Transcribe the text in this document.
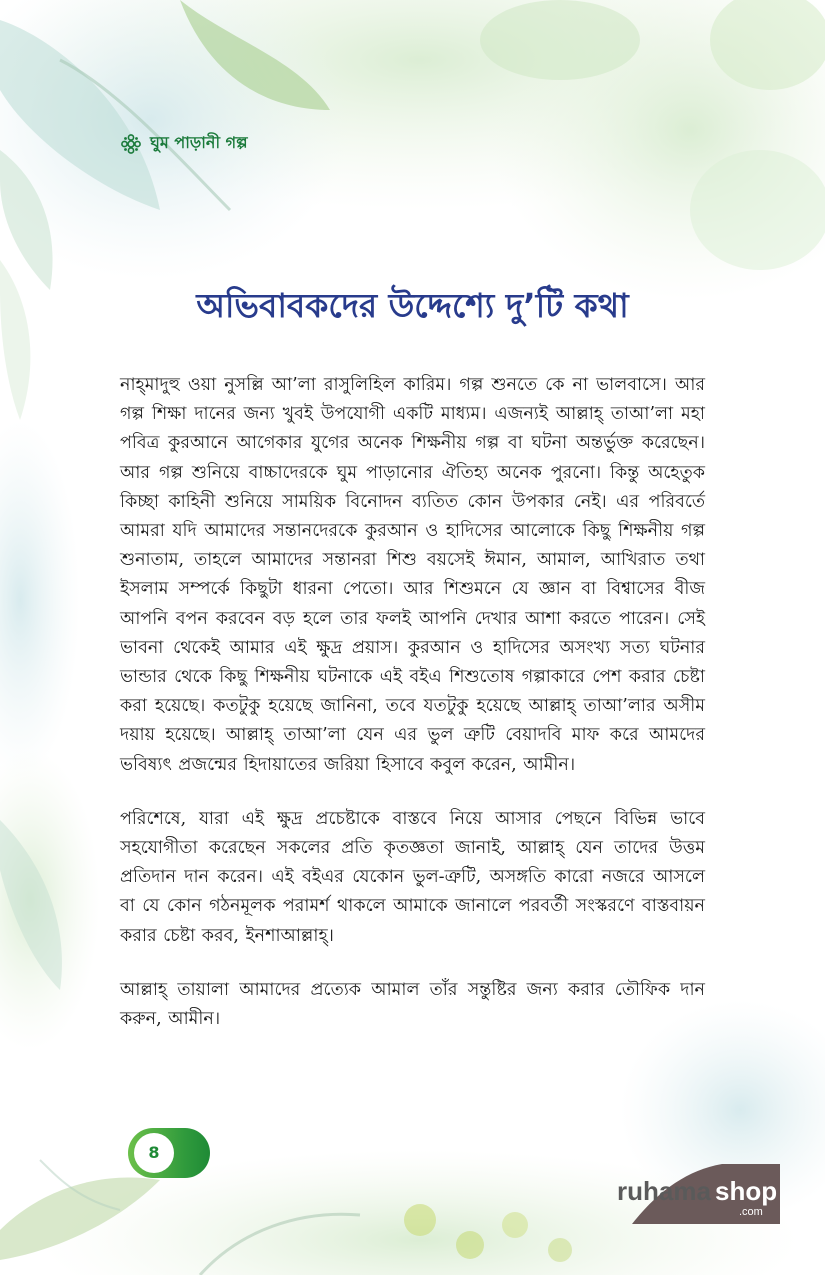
ঘুম পাড়ানী গল্প
অভিবাবকদের উদ্দেশ্যে দু’টি কথা

নাহ্‌মাদুহু ওয়া নুসল্লি আ’লা রাসুলিহিল কারিম। গল্প শুনতে কে না ভালবাসে। আর গল্প শিক্ষা দানের জন্য খুবই উপযোগী একটি মাধ্যম। এজন্যই আল্লাহ্‌ তাআ’লা মহা পবিত্র কুরআনে আগেকার যুগের অনেক শিক্ষনীয় গল্প বা ঘটনা অন্তর্ভুক্ত করেছেন। আর গল্প শুনিয়ে বাচ্চাদেরকে ঘুম পাড়ানোর ঐতিহ্য অনেক পুরনো। কিন্তু অহেতুক কিচ্ছা কাহিনী শুনিয়ে সাময়িক বিনোদন ব্যতিত কোন উপকার নেই। এর পরিবর্তে আমরা যদি আমাদের সন্তানদেরকে কুরআন ও হাদিসের আলোকে কিছু শিক্ষনীয় গল্প শুনাতাম, তাহলে আমাদের সন্তানরা শিশু বয়সেই ঈমান, আমাল, আখিরাত তথা ইসলাম সম্পর্কে কিছুটা ধারনা পেতো। আর শিশুমনে যে জ্ঞান বা বিশ্বাসের বীজ আপনি বপন করবেন বড় হলে তার ফলই আপনি দেখার আশা করতে পারেন। সেই ভাবনা থেকেই আমার এই ক্ষুদ্র প্রয়াস। কুরআন ও হাদিসের অসংখ্য সত্য ঘটনার ভান্ডার থেকে কিছু শিক্ষনীয় ঘটনাকে এই বইএ শিশুতোষ গল্পাকারে পেশ করার চেষ্টা করা হয়েছে। কতটুকু হয়েছে জানিনা, তবে যতটুকু হয়েছে আল্লাহ্‌ তাআ’লার অসীম দয়ায় হয়েছে। আল্লাহ্‌ তাআ’লা যেন এর ভুল ত্রুটি বেয়াদবি মাফ করে আমদের ভবিষ্যৎ প্রজন্মের হিদায়াতের জরিয়া হিসাবে কবুল করেন, আমীন।

পরিশেষে, যারা এই ক্ষুদ্র প্রচেষ্টাকে বাস্তবে নিয়ে আসার পেছনে বিভিন্ন ভাবে সহযোগীতা করেছেন সকলের প্রতি কৃতজ্ঞতা জানাই, আল্লাহ্‌ যেন তাদের উত্তম প্রতিদান দান করেন। এই বইএর যেকোন ভুল-ত্রুটি, অসঙ্গতি কারো নজরে আসলে বা যে কোন গঠনমূলক পরামর্শ থাকলে আমাকে জানালে পরবর্তী সংস্করণে বাস্তবায়ন করার চেষ্টা করব, ইনশাআল্লাহ্‌।

আল্লাহ্‌ তায়ালা আমাদের প্রত্যেক আমাল তাঁর সন্তুষ্টির জন্য করার তৌফিক দান করুন, আমীন।

8
ruhama shop
.com
